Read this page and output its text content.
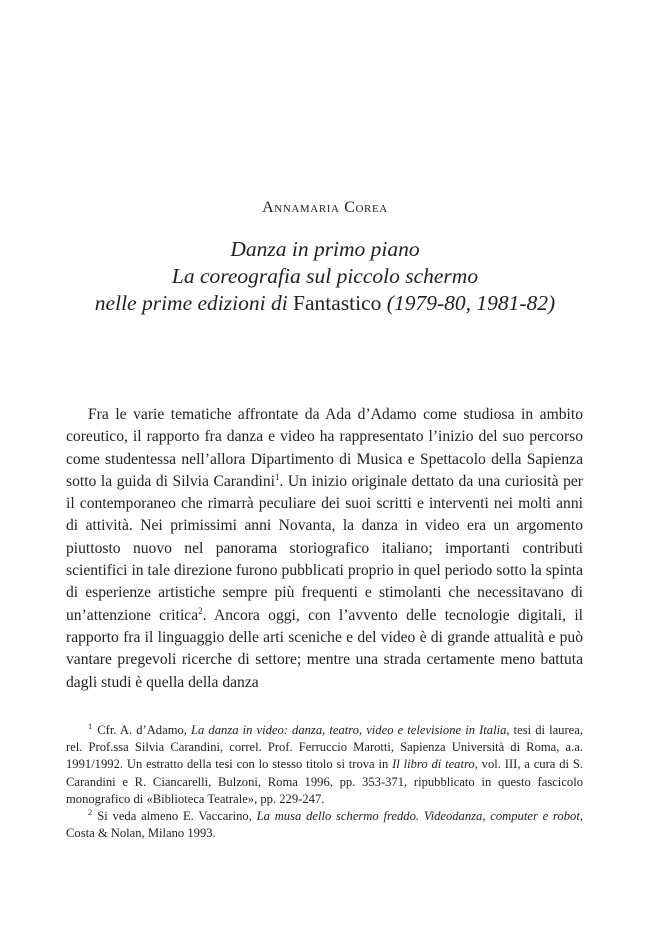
Annamaria Corea
Danza in primo piano
La coreografia sul piccolo schermo
nelle prime edizioni di Fantastico (1979-80, 1981-82)

Fra le varie tematiche affrontate da Ada d’Adamo come studiosa in ambito coreutico, il rapporto fra danza e video ha rappresentato l’inizio del suo percorso come studentessa nell’allora Dipartimento di Musica e Spettacolo della Sapienza sotto la guida di Silvia Carandini$^1$. Un inizio originale dettato da una curiosità per il contemporaneo che rimarrà peculiare dei suoi scritti e interventi nei molti anni di attività. Nei primissimi anni Novanta, la danza in video era un argomento piuttosto nuovo nel panorama storiografico italiano; importanti contributi scientifici in tale direzione furono pubblicati proprio in quel periodo sotto la spinta di esperienze artistiche sempre più frequenti e stimolanti che necessitavano di un’attenzione critica$^2$. Ancora oggi, con l’avvento delle tecnologie digitali, il rapporto fra il linguaggio delle arti sceniche e del video è di grande attualità e può vantare pregevoli ricerche di settore; mentre una strada certamente meno battuta dagli studi è quella della danza

$^1$ Cfr. A. d’Adamo, La danza in video: danza, teatro, video e televisione in Italia, tesi di laurea, rel. Prof.ssa Silvia Carandini, correl. Prof. Ferruccio Marotti, Sapienza Università di Roma, a.a. 1991/1992. Un estratto della tesi con lo stesso titolo si trova in Il libro di teatro, vol. III, a cura di S. Carandini e R. Ciancarelli, Bulzoni, Roma 1996, pp. 353-371, ripubblicato in questo fascicolo monografico di «Biblioteca Teatrale», pp. 229-247.

$^2$ Si veda almeno E. Vaccarino, La musa dello schermo freddo. Videodanza, computer e robot, Costa & Nolan, Milano 1993.
